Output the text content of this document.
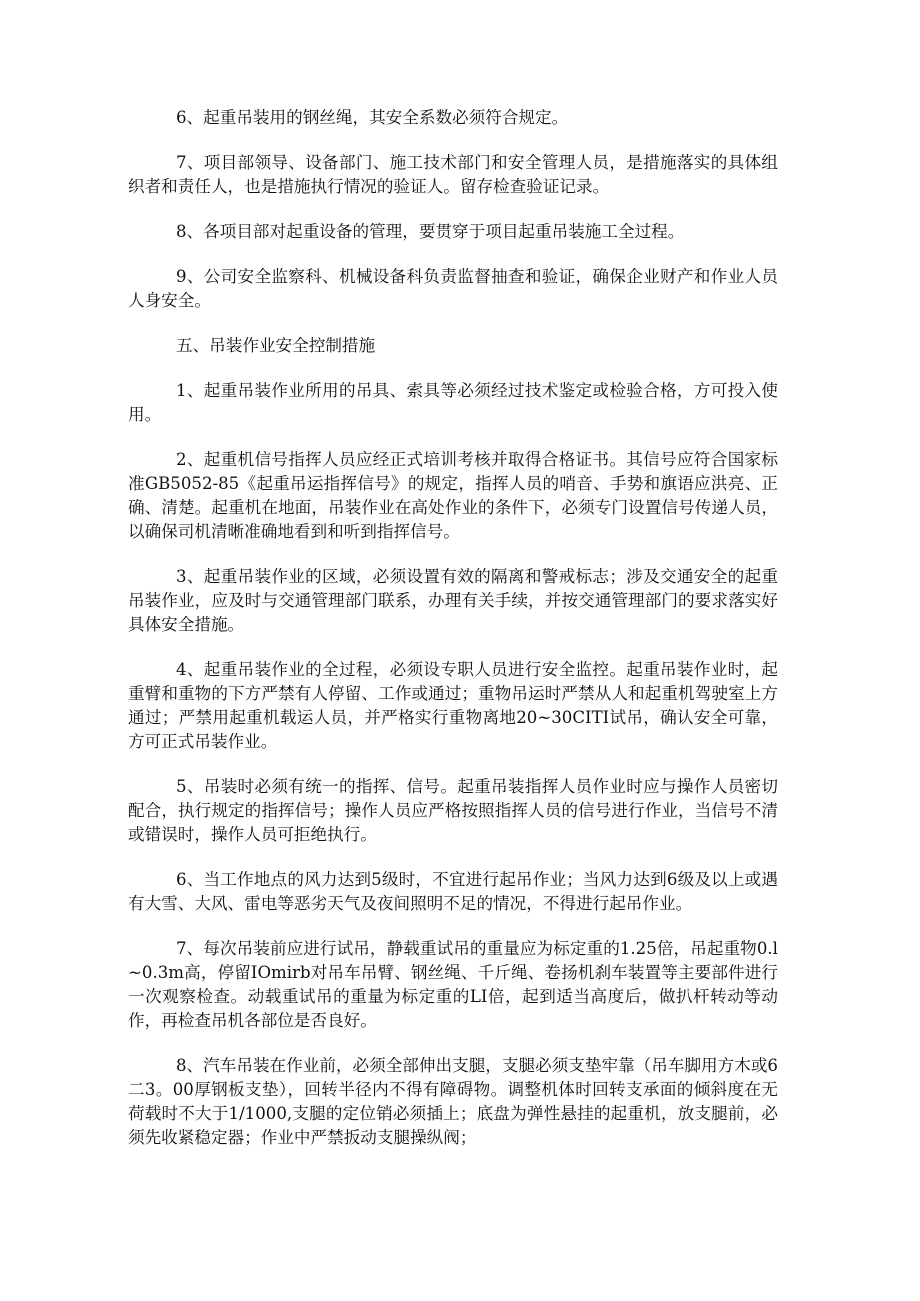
6、起重吊装用的钢丝绳，其安全系数必须符合规定。

7、项目部领导、设备部门、施工技术部门和安全管理人员，是措施落实的具体组织者和责任人，也是措施执行情况的验证人。留存检查验证记录。

8、各项目部对起重设备的管理，要贯穿于项目起重吊装施工全过程。

9、公司安全监察科、机械设备科负责监督抽查和验证，确保企业财产和作业人员人身安全。

五、吊装作业安全控制措施

1、起重吊装作业所用的吊具、索具等必须经过技术鉴定或检验合格，方可投入使用。

2、起重机信号指挥人员应经正式培训考核并取得合格证书。其信号应符合国家标准GB5052-85《起重吊运指挥信号》的规定，指挥人员的哨音、手势和旗语应洪亮、正确、清楚。起重机在地面，吊装作业在高处作业的条件下，必须专门设置信号传递人员，以确保司机清晰准确地看到和听到指挥信号。

3、起重吊装作业的区域，必须设置有效的隔离和警戒标志；涉及交通安全的起重吊装作业，应及时与交通管理部门联系，办理有关手续，并按交通管理部门的要求落实好具体安全措施。

4、起重吊装作业的全过程，必须设专职人员进行安全监控。起重吊装作业时，起重臂和重物的下方严禁有人停留、工作或通过；重物吊运时严禁从人和起重机驾驶室上方通过；严禁用起重机载运人员，并严格实行重物离地20~30CITI试吊，确认安全可靠，方可正式吊装作业。

5、吊装时必须有统一的指挥、信号。起重吊装指挥人员作业时应与操作人员密切配合，执行规定的指挥信号；操作人员应严格按照指挥人员的信号进行作业，当信号不清或错误时，操作人员可拒绝执行。

6、当工作地点的风力达到5级时，不宜进行起吊作业；当风力达到6级及以上或遇有大雪、大风、雷电等恶劣天气及夜间照明不足的情况，不得进行起吊作业。

7、每次吊装前应进行试吊，静载重试吊的重量应为标定重的1.25倍，吊起重物0.l~0.3m高，停留IOmirb对吊车吊臂、钢丝绳、千斤绳、卷扬机刹车装置等主要部件进行一次观察检查。动载重试吊的重量为标定重的LI倍，起到适当高度后，做扒杆转动等动作，再检查吊机各部位是否良好。

8、汽车吊装在作业前，必须全部伸出支腿，支腿必须支垫牢靠（吊车脚用方木或6二3。00厚钢板支垫），回转半径内不得有障碍物。调整机体时回转支承面的倾斜度在无荷载时不大于1/1000,支腿的定位销必须插上；底盘为弹性悬挂的起重机，放支腿前，必须先收紧稳定器；作业中严禁扳动支腿操纵阀；
